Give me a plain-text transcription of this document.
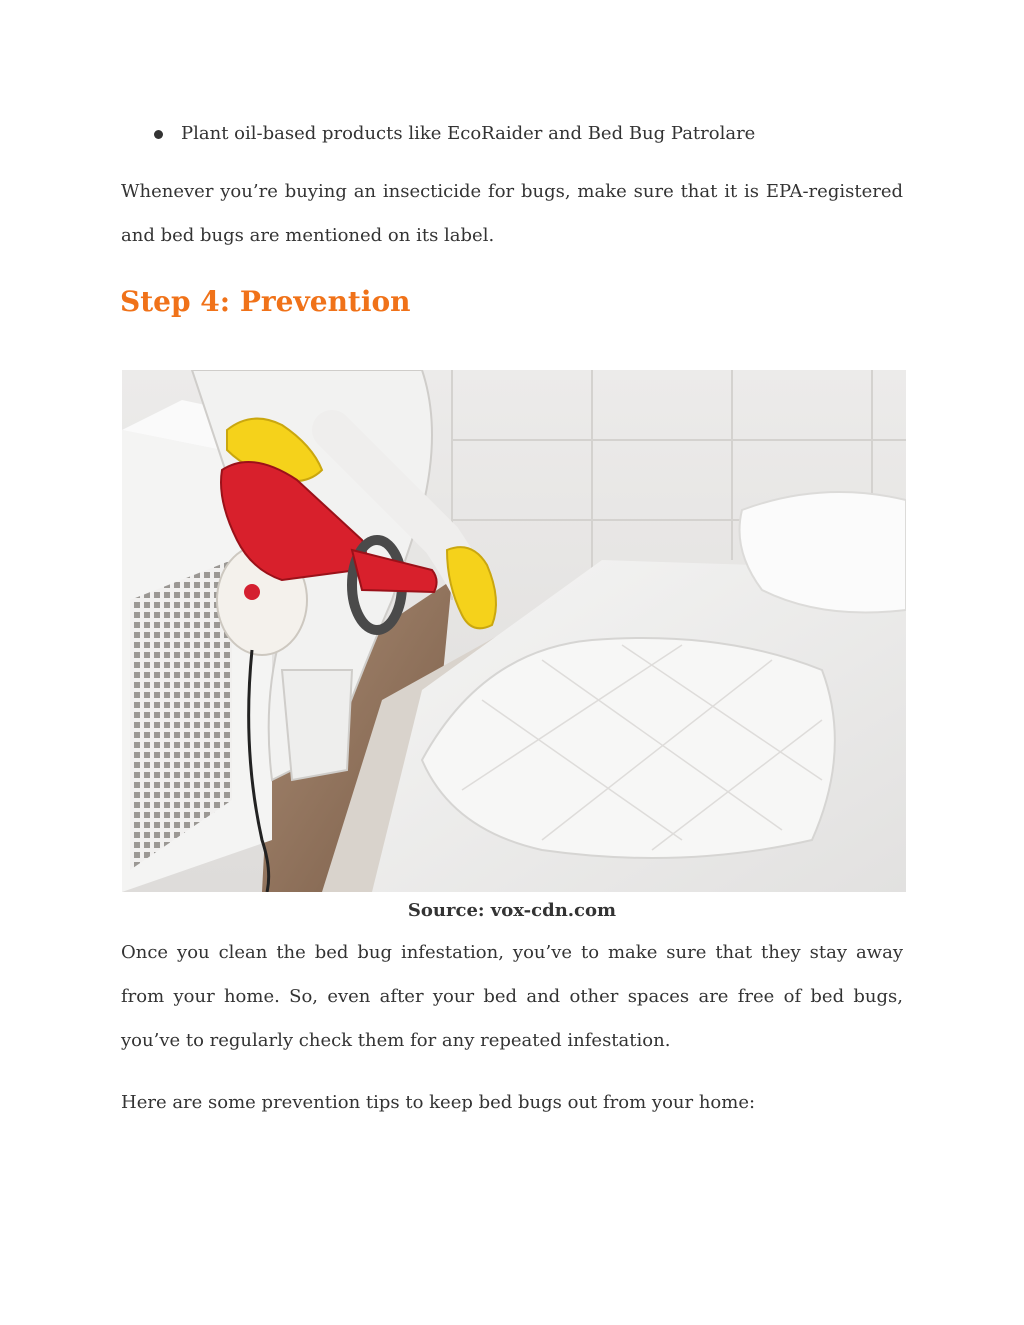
Plant oil-based products like EcoRaider and Bed Bug Patrolare

Whenever you’re buying an insecticide for bugs, make sure that it is EPA-registered and bed bugs are mentioned on its label.

Step 4: Prevention
Source: vox-cdn.com

Once you clean the bed bug infestation, you’ve to make sure that they stay away from your home. So, even after your bed and other spaces are free of bed bugs, you’ve to regularly check them for any repeated infestation.

Here are some prevention tips to keep bed bugs out from your home:
